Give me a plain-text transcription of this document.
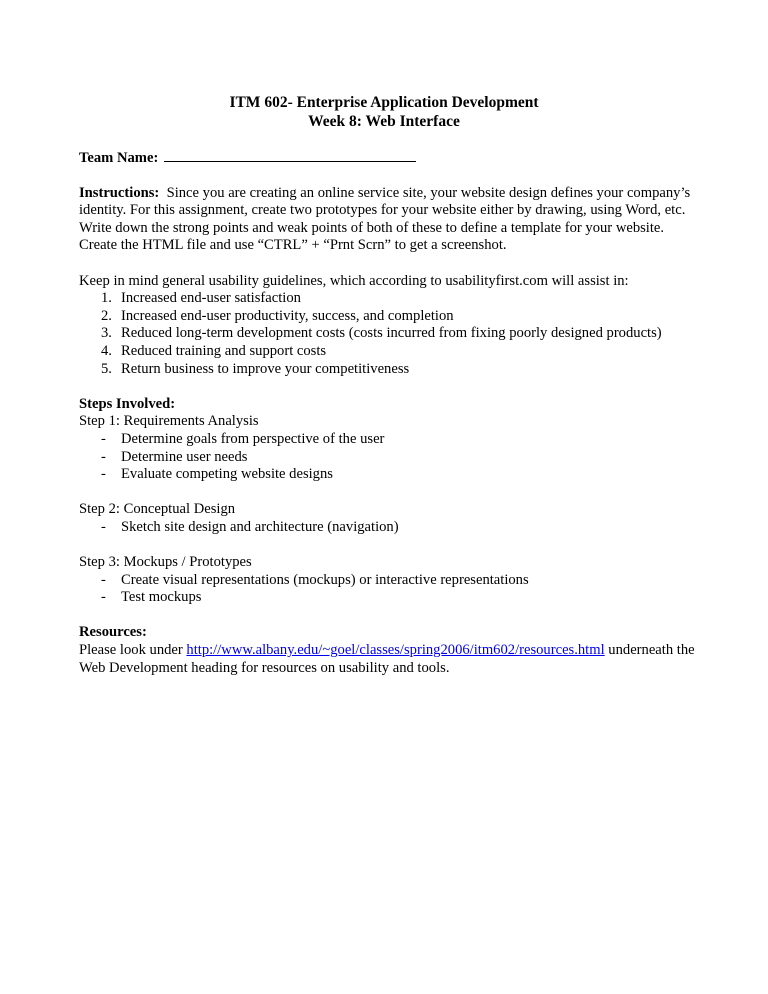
ITM 602- Enterprise Application Development
Week 8: Web Interface

Team Name:

Instructions: Since you are creating an online service site, your website design defines your company’s identity. For this assignment, create two prototypes for your website either by drawing, using Word, etc. Write down the strong points and weak points of both of these to define a template for your website. Create the HTML file and use “CTRL” + “Prnt Scrn” to get a screenshot.

Keep in mind general usability guidelines, which according to usabilityfirst.com will assist in:

1. Increased end-user satisfaction
2. Increased end-user productivity, success, and completion
3. Reduced long-term development costs (costs incurred from fixing poorly designed products)
4. Reduced training and support costs
5. Return business to improve your competitiveness

Steps Involved:

Step 1: Requirements Analysis

- Determine goals from perspective of the user
- Determine user needs
- Evaluate competing website designs

Step 2: Conceptual Design

- Sketch site design and architecture (navigation)

Step 3: Mockups / Prototypes

- Create visual representations (mockups) or interactive representations
- Test mockups

Resources:

Please look under http://www.albany.edu/~goel/classes/spring2006/itm602/resources.html underneath the Web Development heading for resources on usability and tools.
